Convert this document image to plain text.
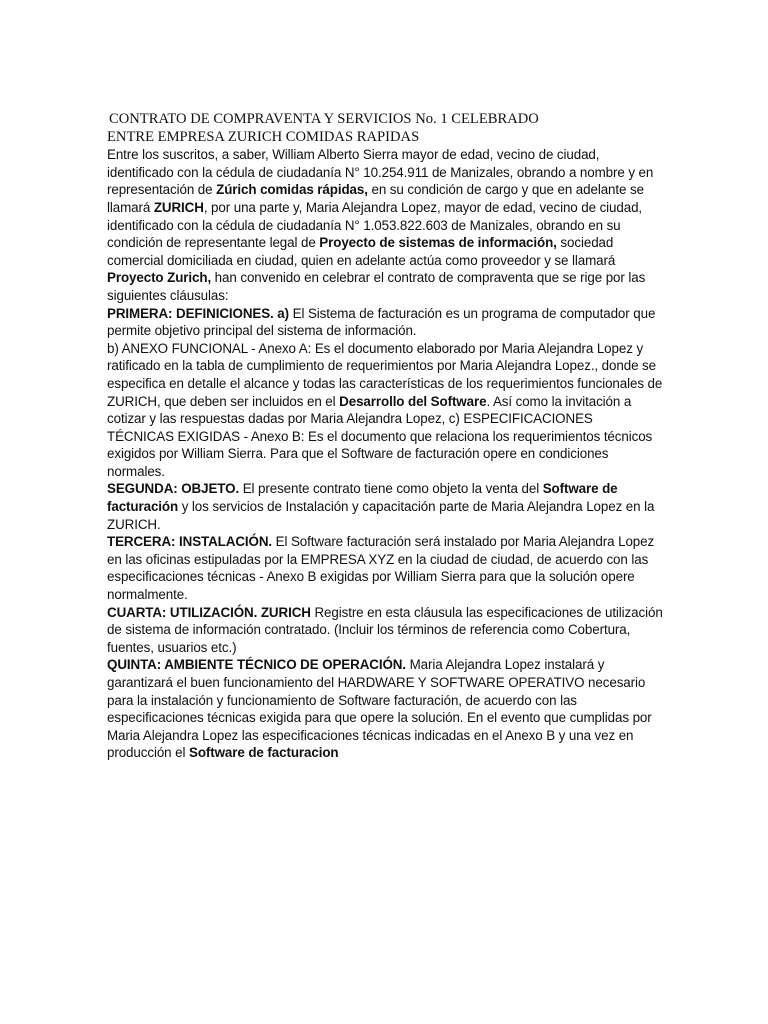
CONTRATO DE COMPRAVENTA Y SERVICIOS No. 1 CELEBRADO
ENTRE EMPRESA ZURICH COMIDAS RAPIDAS

Entre los suscritos, a saber, William Alberto Sierra mayor de edad, vecino de ciudad, identificado con la cédula de ciudadanía N° 10.254.911 de Manizales, obrando a nombre y en representación de Zúrich comidas rápidas, en su condición de cargo y que en adelante se llamará ZURICH, por una parte y, Maria Alejandra Lopez, mayor de edad, vecino de ciudad, identificado con la cédula de ciudadanía N° 1.053.822.603 de Manizales, obrando en su condición de representante legal de Proyecto de sistemas de información, sociedad comercial domiciliada en ciudad, quien en adelante actúa como proveedor y se llamará Proyecto Zurich, han convenido en celebrar el contrato de compraventa que se rige por las siguientes cláusulas:

PRIMERA: DEFINICIONES. a) El Sistema de facturación es un programa de computador que permite objetivo principal del sistema de información.

b) ANEXO FUNCIONAL - Anexo A: Es el documento elaborado por Maria Alejandra Lopez y ratificado en la tabla de cumplimiento de requerimientos por Maria Alejandra Lopez., donde se especifica en detalle el alcance y todas las características de los requerimientos funcionales de ZURICH, que deben ser incluidos en el Desarrollo del Software. Así como la invitación a cotizar y las respuestas dadas por Maria Alejandra Lopez, c) ESPECIFICACIONES TÉCNICAS EXIGIDAS - Anexo B: Es el documento que relaciona los requerimientos técnicos exigidos por William Sierra. Para que el Software de facturación opere en condiciones normales.

SEGUNDA: OBJETO. El presente contrato tiene como objeto la venta del Software de facturación y los servicios de Instalación y capacitación parte de Maria Alejandra Lopez en la ZURICH.

TERCERA: INSTALACIÓN. El Software facturación será instalado por Maria Alejandra Lopez en las oficinas estipuladas por la EMPRESA XYZ en la ciudad de ciudad, de acuerdo con las especificaciones técnicas - Anexo B exigidas por William Sierra para que la solución opere normalmente.

CUARTA: UTILIZACIÓN. ZURICH Registre en esta cláusula las especificaciones de utilización de sistema de información contratado. (Incluir los términos de referencia como Cobertura, fuentes, usuarios etc.)

QUINTA: AMBIENTE TÉCNICO DE OPERACIÓN. Maria Alejandra Lopez instalará y garantizará el buen funcionamiento del HARDWARE Y SOFTWARE OPERATIVO necesario para la instalación y funcionamiento de Software facturación, de acuerdo con las especificaciones técnicas exigida para que opere la solución. En el evento que cumplidas por Maria Alejandra Lopez las especificaciones técnicas indicadas en el Anexo B y una vez en producción el Software de facturacion
